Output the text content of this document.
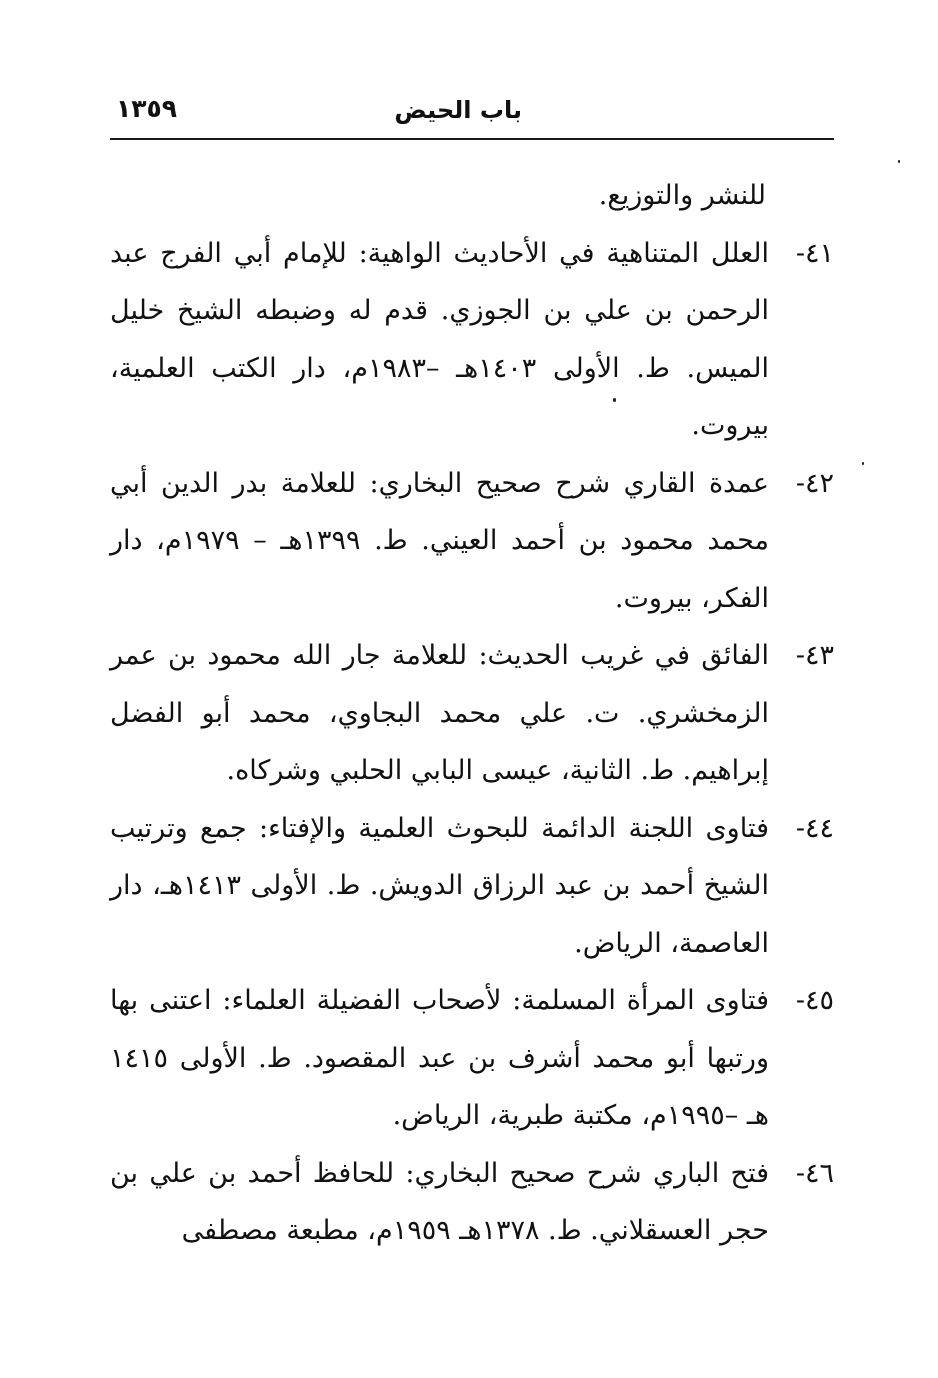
باب الحيض
١٣٥٩
للنشر والتوزيع.
٤١-
العلل المتناهية في الأحاديث الواهية: للإمام أبي الفرج عبد الرحمن بن علي بن الجوزي. قدم له وضبطه الشيخ خليل الميس. ط. الأولى ١٤٠٣هـ –١٩٨٣م، دار الكتب العلمية، بيروت.
٤٢-
عمدة القاري شرح صحيح البخاري: للعلامة بدر الدين أبي محمد محمود بن أحمد العيني. ط. ١٣٩٩هـ – ١٩٧٩م، دار الفكر، بيروت.
٤٣-
الفائق في غريب الحديث: للعلامة جار الله محمود بن عمر الزمخشري. ت. علي محمد البجاوي، محمد أبو الفضل إبراهيم. ط. الثانية، عيسى البابي الحلبي وشركاه.
٤٤-
فتاوى اللجنة الدائمة للبحوث العلمية والإفتاء: جمع وترتيب الشيخ أحمد بن عبد الرزاق الدويش. ط. الأولى ١٤١٣هـ، دار العاصمة، الرياض.
٤٥-
فتاوى المرأة المسلمة: لأصحاب الفضيلة العلماء: اعتنى بها ورتبها أبو محمد أشرف بن عبد المقصود. ط. الأولى ١٤١٥ هـ –١٩٩٥م، مكتبة طبرية، الرياض.
٤٦-
فتح الباري شرح صحيح البخاري: للحافظ أحمد بن علي بن حجر العسقلاني. ط. ١٣٧٨هـ ١٩٥٩م، مطبعة مصطفى
